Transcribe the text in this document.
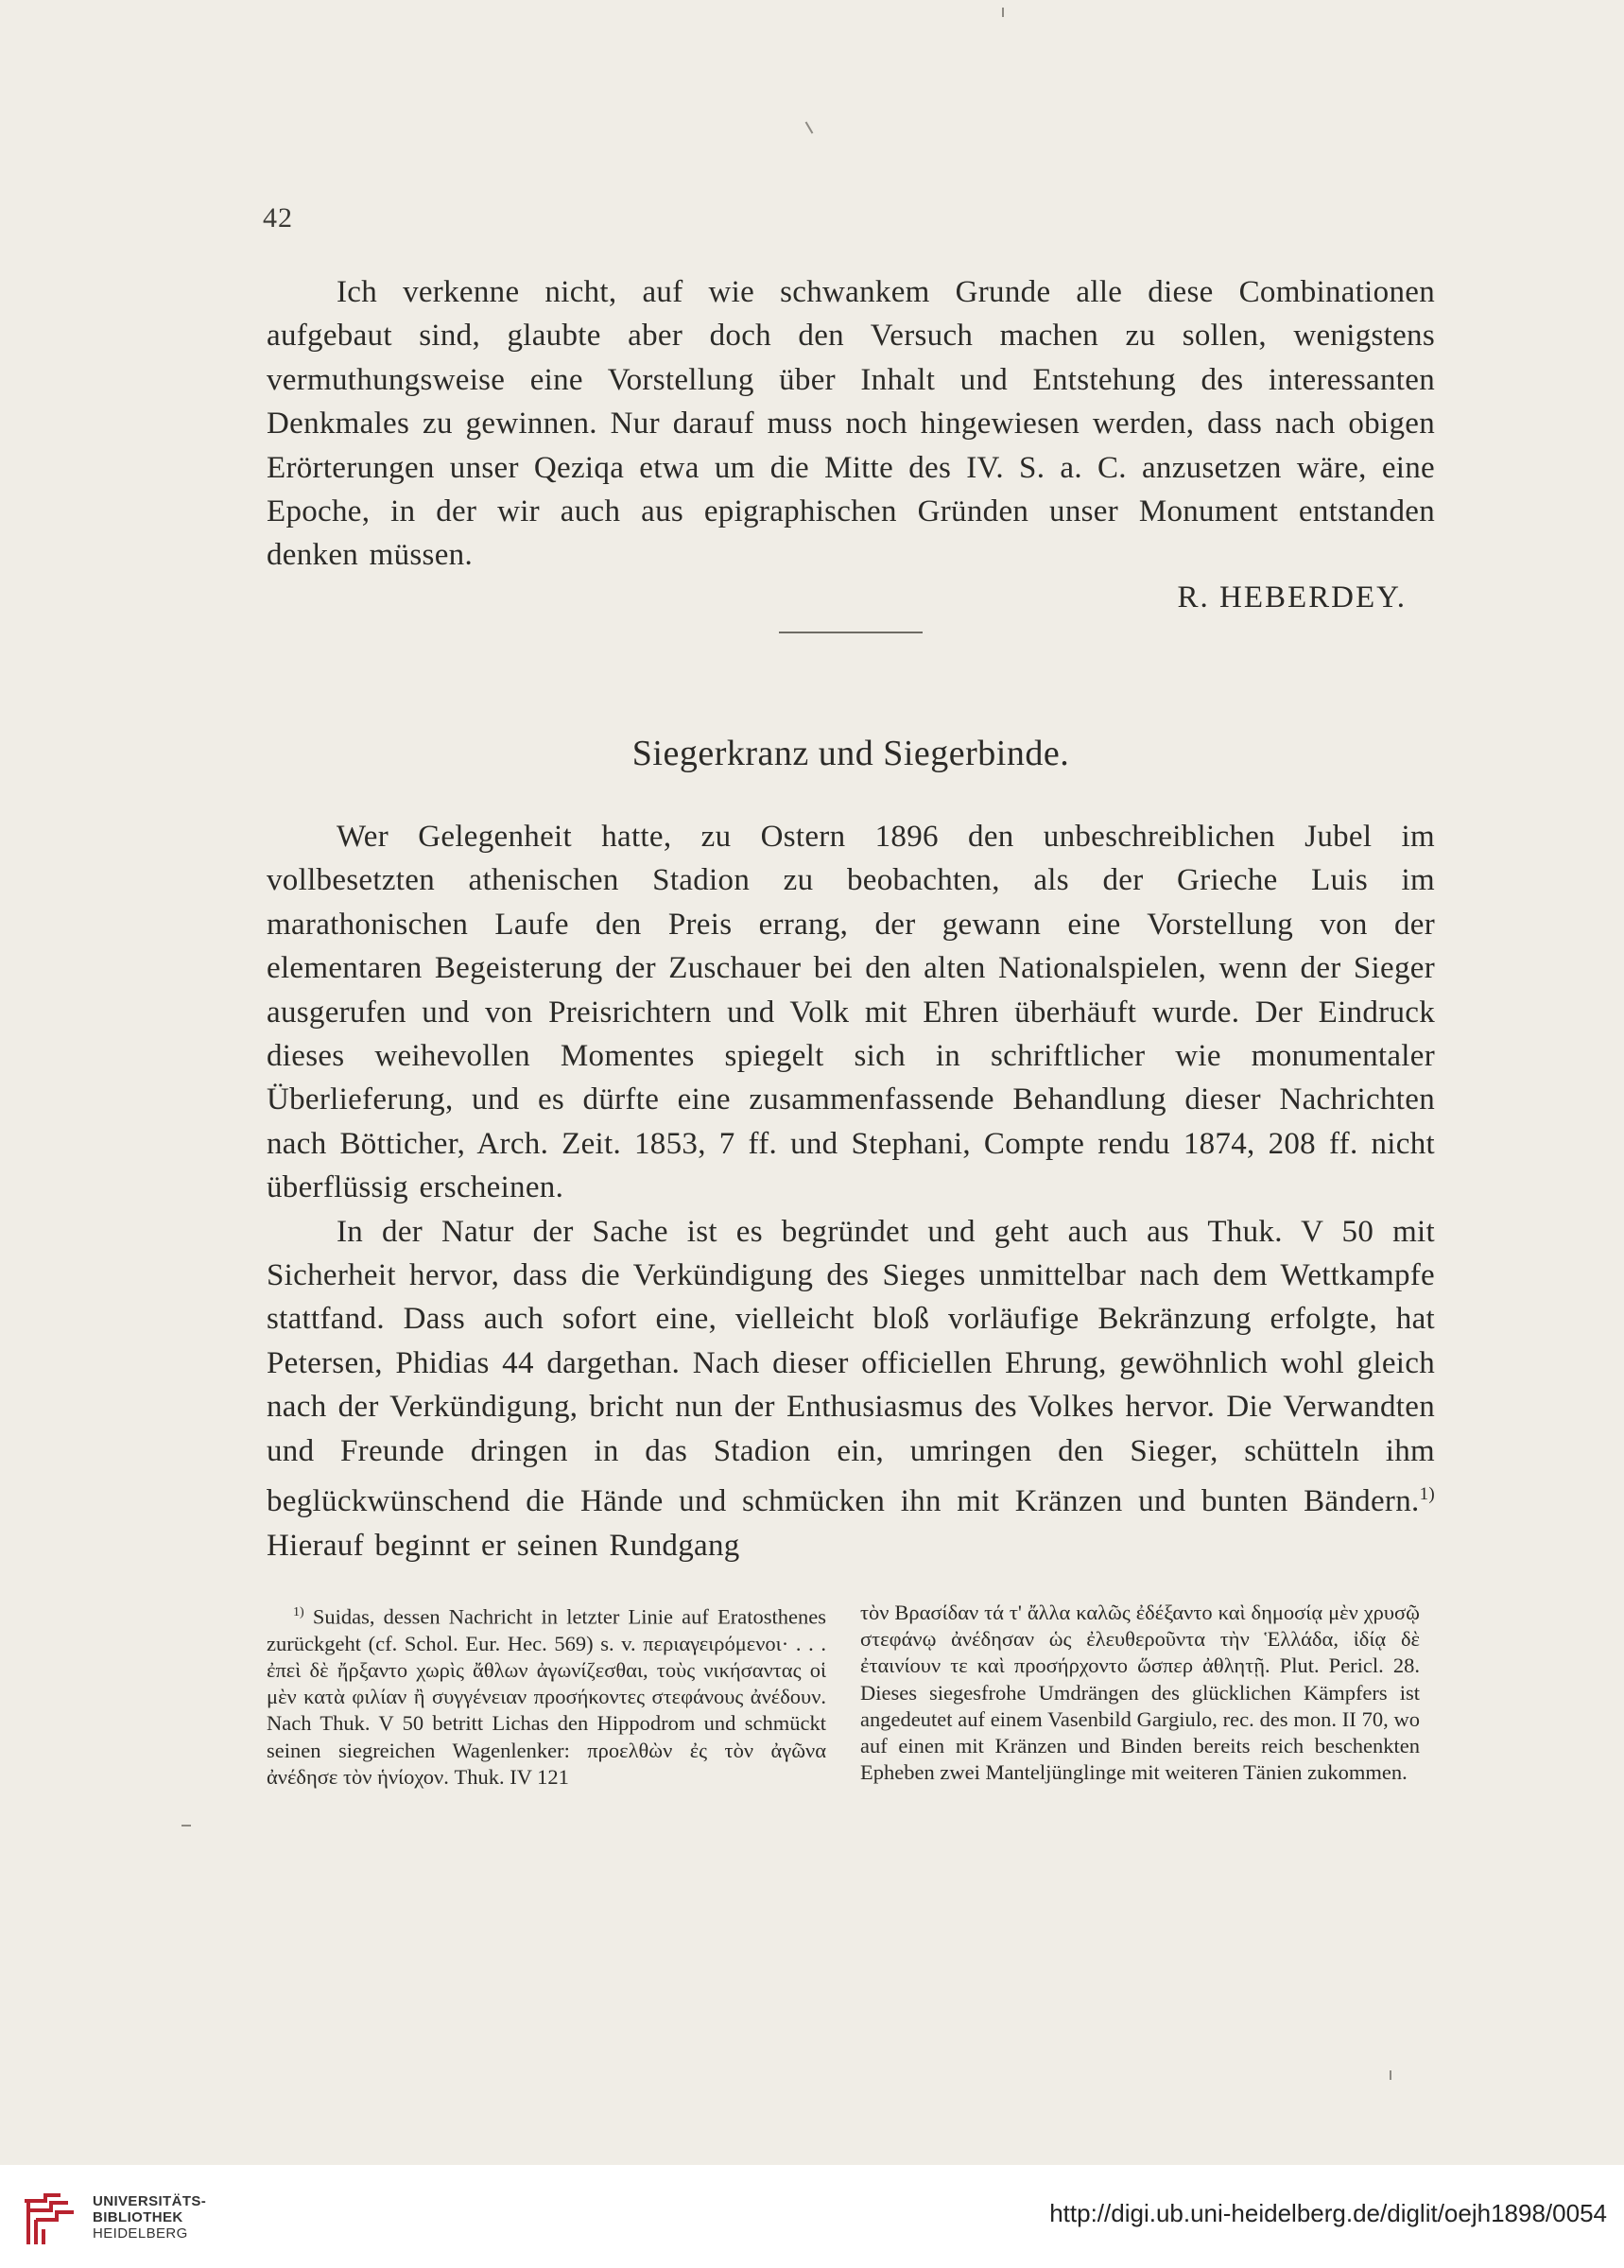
42

Ich verkenne nicht, auf wie schwankem Grunde alle diese Combinationen aufgebaut sind, glaubte aber doch den Versuch machen zu sollen, wenigstens vermuthungsweise eine Vorstellung über Inhalt und Entstehung des interessanten Denkmales zu gewinnen. Nur darauf muss noch hingewiesen werden, dass nach obigen Erörterungen unser Qeziqa etwa um die Mitte des IV. S. a. C. anzusetzen wäre, eine Epoche, in der wir auch aus epigraphischen Gründen unser Monument entstanden denken müssen.

R. HEBERDEY.
Siegerkranz und Siegerbinde.

Wer Gelegenheit hatte, zu Ostern 1896 den unbeschreiblichen Jubel im vollbesetzten athenischen Stadion zu beobachten, als der Grieche Luis im marathonischen Laufe den Preis errang, der gewann eine Vorstellung von der elementaren Begeisterung der Zuschauer bei den alten Nationalspielen, wenn der Sieger ausgerufen und von Preisrichtern und Volk mit Ehren überhäuft wurde. Der Eindruck dieses weihevollen Momentes spiegelt sich in schriftlicher wie monumentaler Überlieferung, und es dürfte eine zusammenfassende Behandlung dieser Nachrichten nach Bötticher, Arch. Zeit. 1853, 7 ff. und Stephani, Compte rendu 1874, 208 ff. nicht überflüssig erscheinen.

In der Natur der Sache ist es begründet und geht auch aus Thuk. V 50 mit Sicherheit hervor, dass die Verkündigung des Sieges unmittelbar nach dem Wettkampfe stattfand. Dass auch sofort eine, vielleicht bloß vorläufige Bekränzung erfolgte, hat Petersen, Phidias 44 dargethan. Nach dieser officiellen Ehrung, gewöhnlich wohl gleich nach der Verkündigung, bricht nun der Enthusiasmus des Volkes hervor. Die Verwandten und Freunde dringen in das Stadion ein, umringen den Sieger, schütteln ihm beglückwünschend die Hände und schmücken ihn mit Kränzen und bunten Bändern.$^{1)}$ Hierauf beginnt er seinen Rundgang

$^{1)}$ Suidas, dessen Nachricht in letzter Linie auf Eratosthenes zurückgeht (cf. Schol. Eur. Hec. 569) s. v. περιαγειρόμενοι· . . . ἐπεὶ δὲ ἤρξαντο χωρὶς ἄθλων ἀγωνίζεσθαι, τοὺς νικήσαντας οἱ μὲν κατὰ φιλίαν ἢ συγγένειαν προσήκοντες στεφάνους ἀνέδουν. Nach Thuk. V 50 betritt Lichas den Hippodrom und schmückt seinen siegreichen Wagenlenker: προελθὼν ἐς τὸν ἀγῶνα ἀνέδησε τὸν ἡνίοχον. Thuk. IV 121
τὸν Βρασίδαν τά τ' ἄλλα καλῶς ἐδέξαντο καὶ δημοσίᾳ μὲν χρυσῷ στεφάνῳ ἀνέδησαν ὡς ἐλευθεροῦντα τὴν Ἑλλάδα, ἰδίᾳ δὲ ἐταινίουν τε καὶ προσήρχοντο ὥσπερ ἀθλητῇ. Plut. Pericl. 28. Dieses siegesfrohe Umdrängen des glücklichen Kämpfers ist angedeutet auf einem Vasenbild Gargiulo, rec. des mon. II 70, wo auf einen mit Kränzen und Binden bereits reich beschenkten Epheben zwei Manteljünglinge mit weiteren Tänien zukommen.
UNIVERSITÄTS-
BIBLIOTHEK
HEIDELBERG
http://digi.ub.uni-heidelberg.de/diglit/oejh1898/0054
